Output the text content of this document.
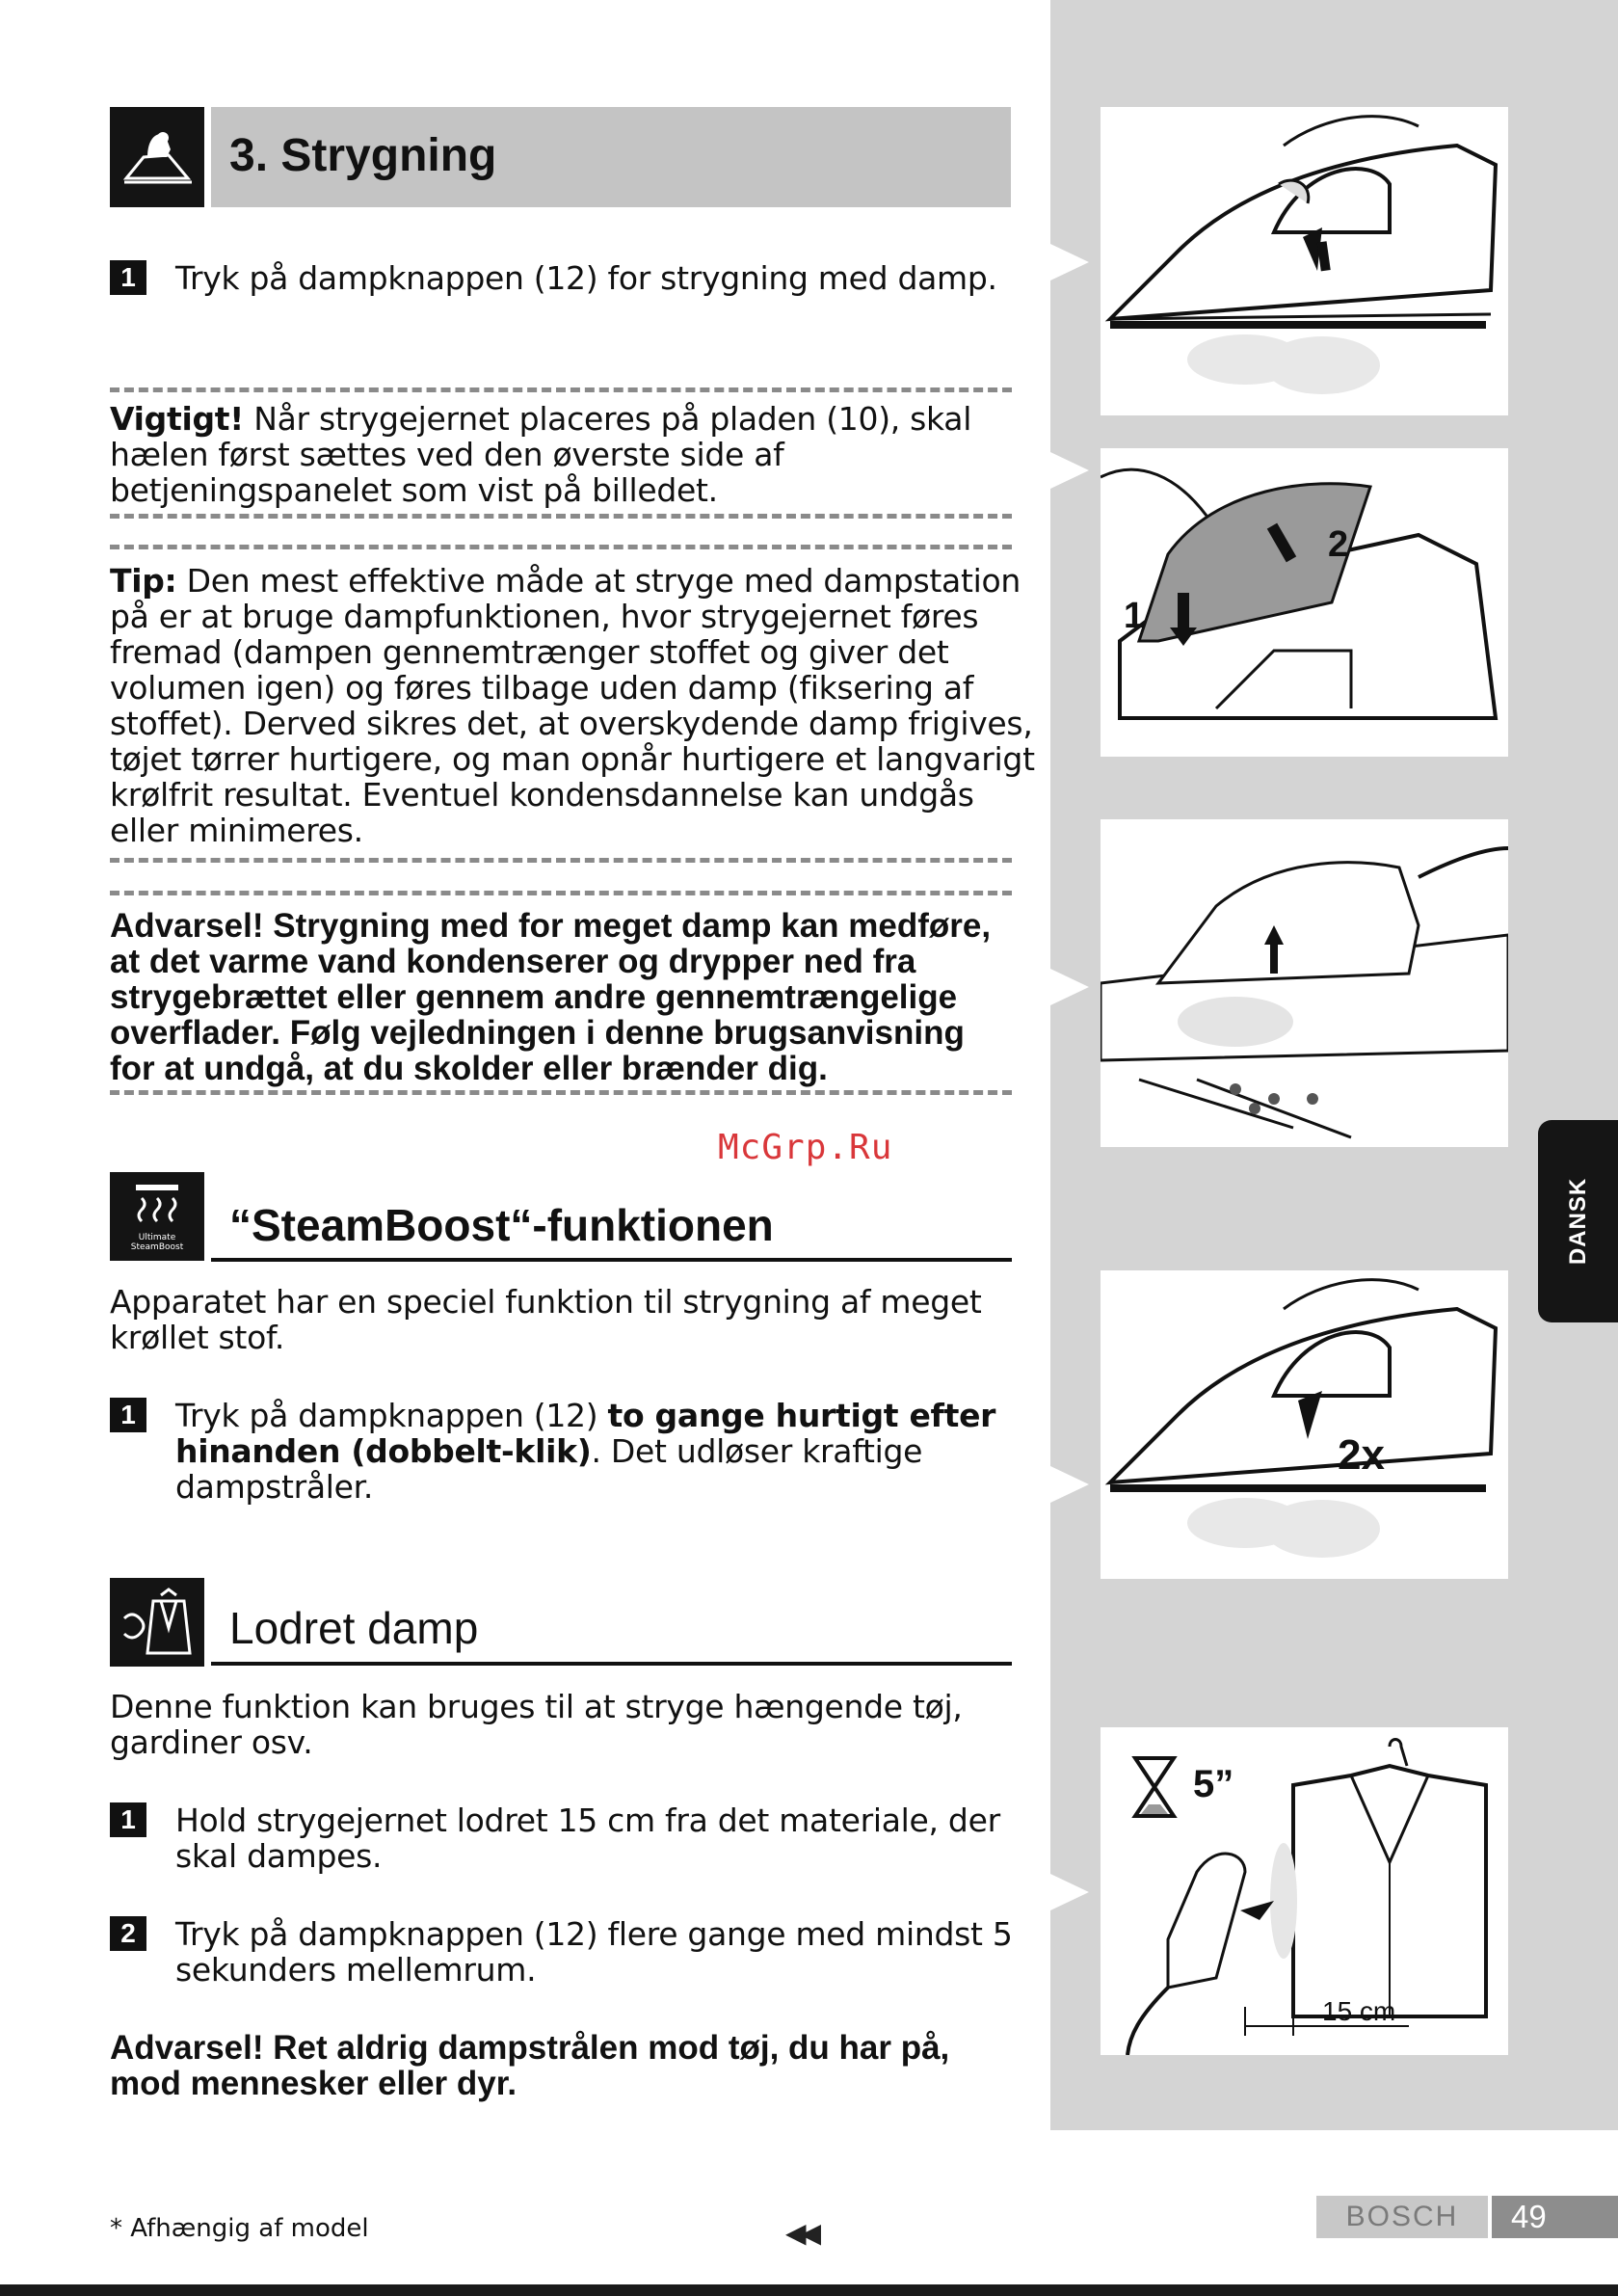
3. Strygning
1	Tryk på dampknappen (12) for strygning med damp.
Vigtigt! Når strygejernet placeres på pladen (10), skal
hælen først sættes ved den øverste side af
betjeningspanelet som vist på billedet.
Tip: Den mest effektive måde at stryge med dampstation
på er at bruge dampfunktionen, hvor strygejernet føres
fremad (dampen gennemtrænger stoffet og giver det
volumen igen) og føres tilbage uden damp (fiksering af
stoffet). Derved sikres det, at overskydende damp frigives,
tøjet tørrer hurtigere, og man opnår hurtigere et langvarigt
krølfrit resultat. Eventuel kondensdannelse kan undgås
eller minimeres.
Advarsel! Strygning med for meget damp kan medføre,
at det varme vand kondenserer og drypper ned fra
strygebrættet eller gennem andre gennemtrængelige
overflader. Følg vejledningen i denne brugsanvisning
for at undgå, at du skolder eller brænder dig.
McGrp.Ru
Ultimate
SteamBoost “SteamBoost“-funktionen
Apparatet har en speciel funktion til strygning af meget
krøllet stof.
1	Tryk på dampknappen (12) to gange hurtigt efter
hinanden (dobbelt-klik). Det udløser kraftige
dampstråler.
Lodret damp
Denne funktion kan bruges til at stryge hængende tøj,
gardiner osv.
1	Hold strygejernet lodret 15 cm fra det materiale, der
skal dampes.
2	Tryk på dampknappen (12) flere gange med mindst 5
sekunders mellemrum.
Advarsel! Ret aldrig dampstrålen mod tøj, du har på,
mod mennesker eller dyr.
1
2
2x
5”
15 cm
DANSK
* Afhængig af model	◀◀
BOSCH	49
